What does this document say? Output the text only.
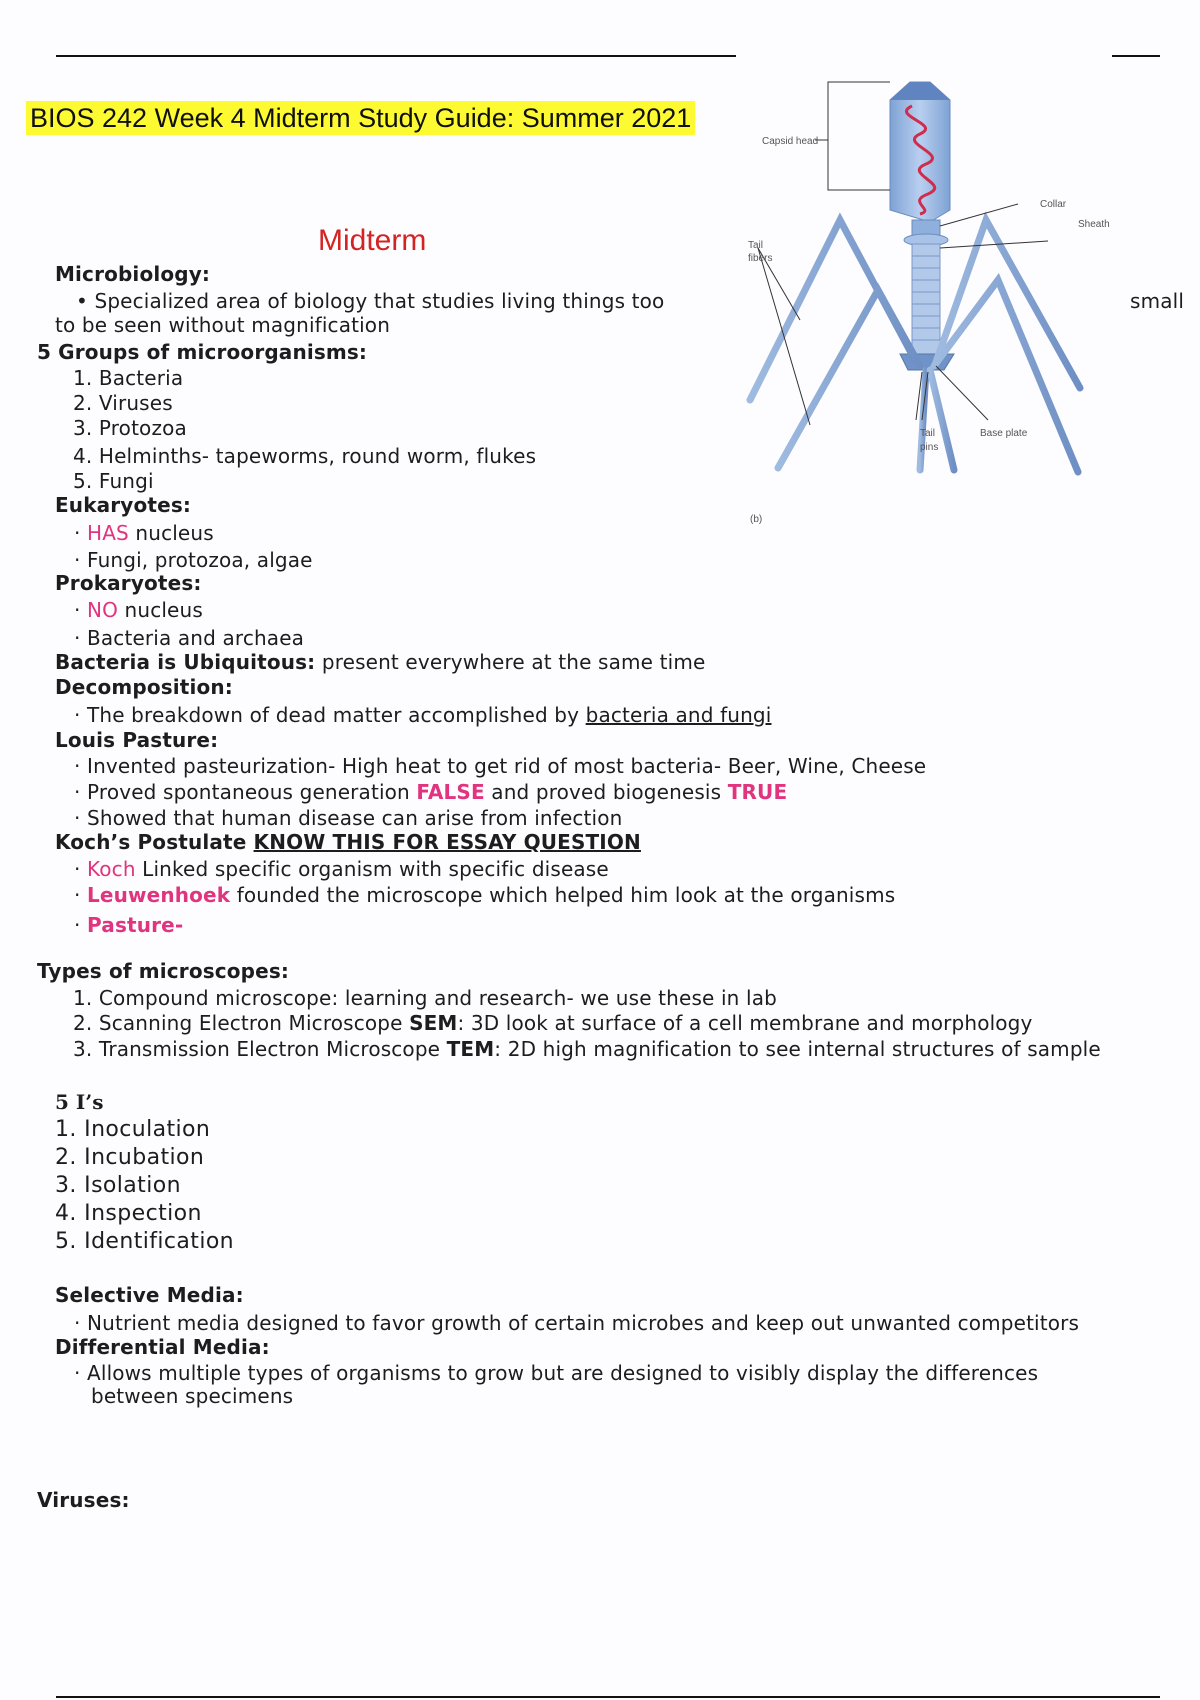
BIOS 242 Week 4 Midterm Study Guide: Summer 2021
Midterm
Capsid head
Collar
Sheath
Tail
fibers
Tail
pins
Base plate
(b)
Microbiology:
• Specialized area of biology that studies living things too	small
to be seen without magnification
5 Groups of microorganisms:
1. Bacteria
2. Viruses
3. Protozoa
4. Helminths- tapeworms, round worm, flukes
5. Fungi
Eukaryotes:
· HAS nucleus
· Fungi, protozoa, algae
Prokaryotes:
· NO nucleus
· Bacteria and archaea
Bacteria is Ubiquitous: present everywhere at the same time
Decomposition:
· The breakdown of dead matter accomplished by bacteria and fungi
Louis Pasture:
· Invented pasteurization- High heat to get rid of most bacteria- Beer, Wine, Cheese
· Proved spontaneous generation FALSE and proved biogenesis TRUE
· Showed that human disease can arise from infection
Koch’s Postulate KNOW THIS FOR ESSAY QUESTION
· Koch Linked specific organism with specific disease
· Leuwenhoek founded the microscope which helped him look at the organisms
· Pasture-
Types of microscopes:
1. Compound microscope: learning and research- we use these in lab
2. Scanning Electron Microscope SEM: 3D look at surface of a cell membrane and morphology
3. Transmission Electron Microscope TEM: 2D high magnification to see internal structures of sample
5 I’s
1. Inoculation
2. Incubation
3. Isolation
4. Inspection
5. Identification
Selective Media:
· Nutrient media designed to favor growth of certain microbes and keep out unwanted competitors
Differential Media:
· Allows multiple types of organisms to grow but are designed to visibly display the differences
between specimens
Viruses:
